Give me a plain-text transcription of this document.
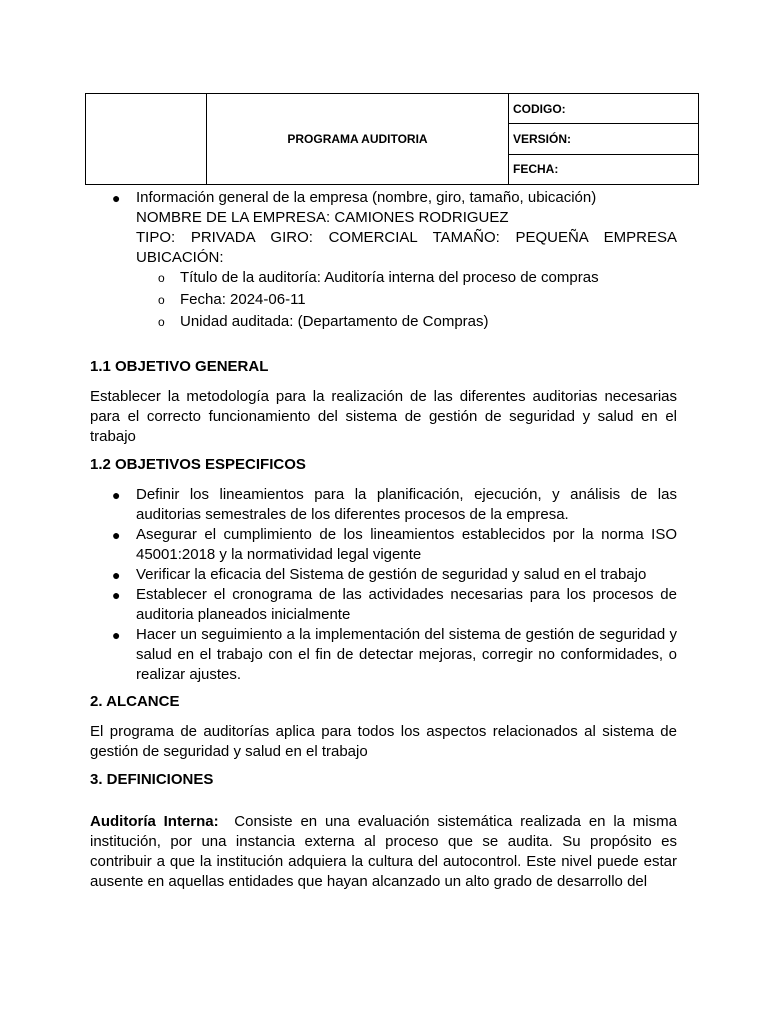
	PROGRAMA AUDITORIA	CODIGO:
VERSIÓN:
FECHA:
● Información general de la empresa (nombre, giro, tamaño, ubicación)
NOMBRE DE LA EMPRESA: CAMIONES RODRIGUEZ
TIPO: PRIVADA GIRO: COMERCIAL TAMAÑO: PEQUEÑA EMPRESA
UBICACIÓN:
o Título de la auditoría: Auditoría interna del proceso de compras
o Fecha: 2024-06-11
o Unidad auditada: (Departamento de Compras)
1.1 OBJETIVO GENERAL
Establecer la metodología para la realización de las diferentes auditorias necesarias para el correcto funcionamiento del sistema de gestión de seguridad y salud en el trabajo
1.2 OBJETIVOS ESPECIFICOS
● Definir los lineamientos para la planificación, ejecución, y análisis de las auditorias semestrales de los diferentes procesos de la empresa.
● Asegurar el cumplimiento de los lineamientos establecidos por la norma ISO 45001:2018 y la normatividad legal vigente
● Verificar la eficacia del Sistema de gestión de seguridad y salud en el trabajo
● Establecer el cronograma de las actividades necesarias para los procesos de auditoria planeados inicialmente
● Hacer un seguimiento a la implementación del sistema de gestión de seguridad y salud en el trabajo con el fin de detectar mejoras, corregir no conformidades, o realizar ajustes.
2. ALCANCE
El programa de auditorías aplica para todos los aspectos relacionados al sistema de gestión de seguridad y salud en el trabajo
3. DEFINICIONES
Auditoría Interna: Consiste en una evaluación sistemática realizada en la misma institución, por una instancia externa al proceso que se audita. Su propósito es contribuir a que la institución adquiera la cultura del autocontrol. Este nivel puede estar ausente en aquellas entidades que hayan alcanzado un alto grado de desarrollo del
